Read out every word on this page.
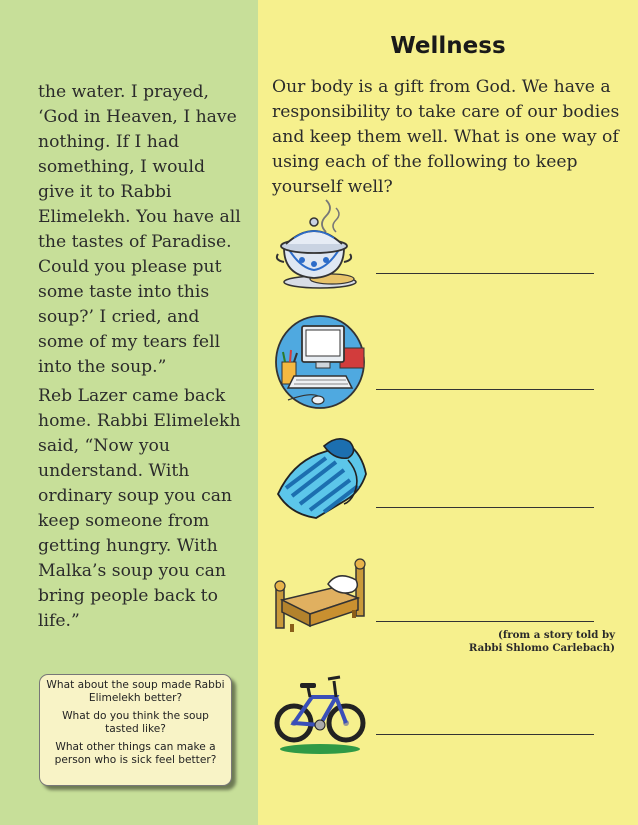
the water. I prayed, ‘God in Heaven, I have nothing. If I had something, I would give it to Rabbi Elimelekh. You have all the tastes of Paradise. Could you please put some taste into this soup?’ I cried, and some of my tears fell into the soup.”

Reb Lazer came back home. Rabbi Elimelekh said, “Now you understand. With ordinary soup you can keep someone from getting hungry. With Malka’s soup you can bring people back to life.”

(from a story told by
Rabbi Shlomo Carlebach)

What about the soup made Rabbi Elimelekh better?

What do you think the soup tasted like?

What other things can make a person who is sick feel better?

Wellness
Our body is a gift from God. We have a responsibility to take care of our bodies and keep them well. What is one way of using each of the following to keep yourself well?
